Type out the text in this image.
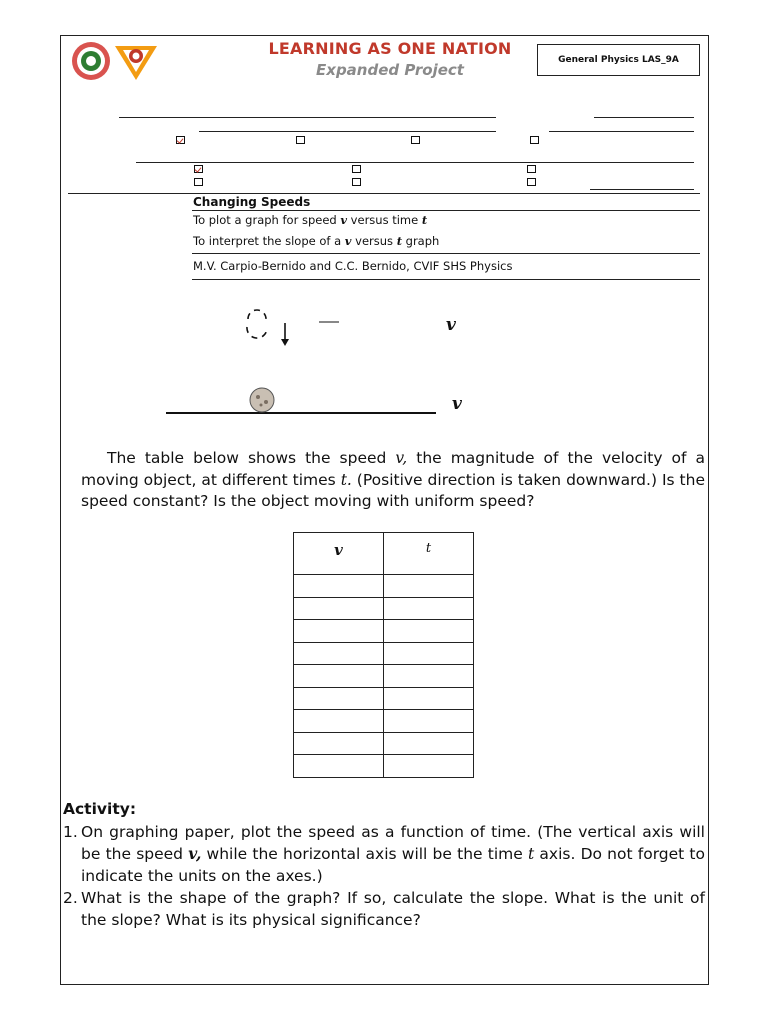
LEARNING AS ONE NATION
Expanded Project
General Physics LAS_9A
Changing Speeds
To plot a graph for speed v versus time t
To interpret the slope of a v versus t graph
M.V. Carpio-Bernido and C.C. Bernido, CVIF SHS Physics
v
v

The table below shows the speed v, the magnitude of the velocity of a moving object, at different times t. (Positive direction is taken downward.) Is the speed constant? Is the object moving with uniform speed?

v	t

Activity:
1. On graphing paper, plot the speed as a function of time. (The vertical axis will be the speed v, while the horizontal axis will be the time t axis. Do not forget to indicate the units on the axes.)
2. What is the shape of the graph? If so, calculate the slope. What is the unit of the slope? What is its physical significance?
